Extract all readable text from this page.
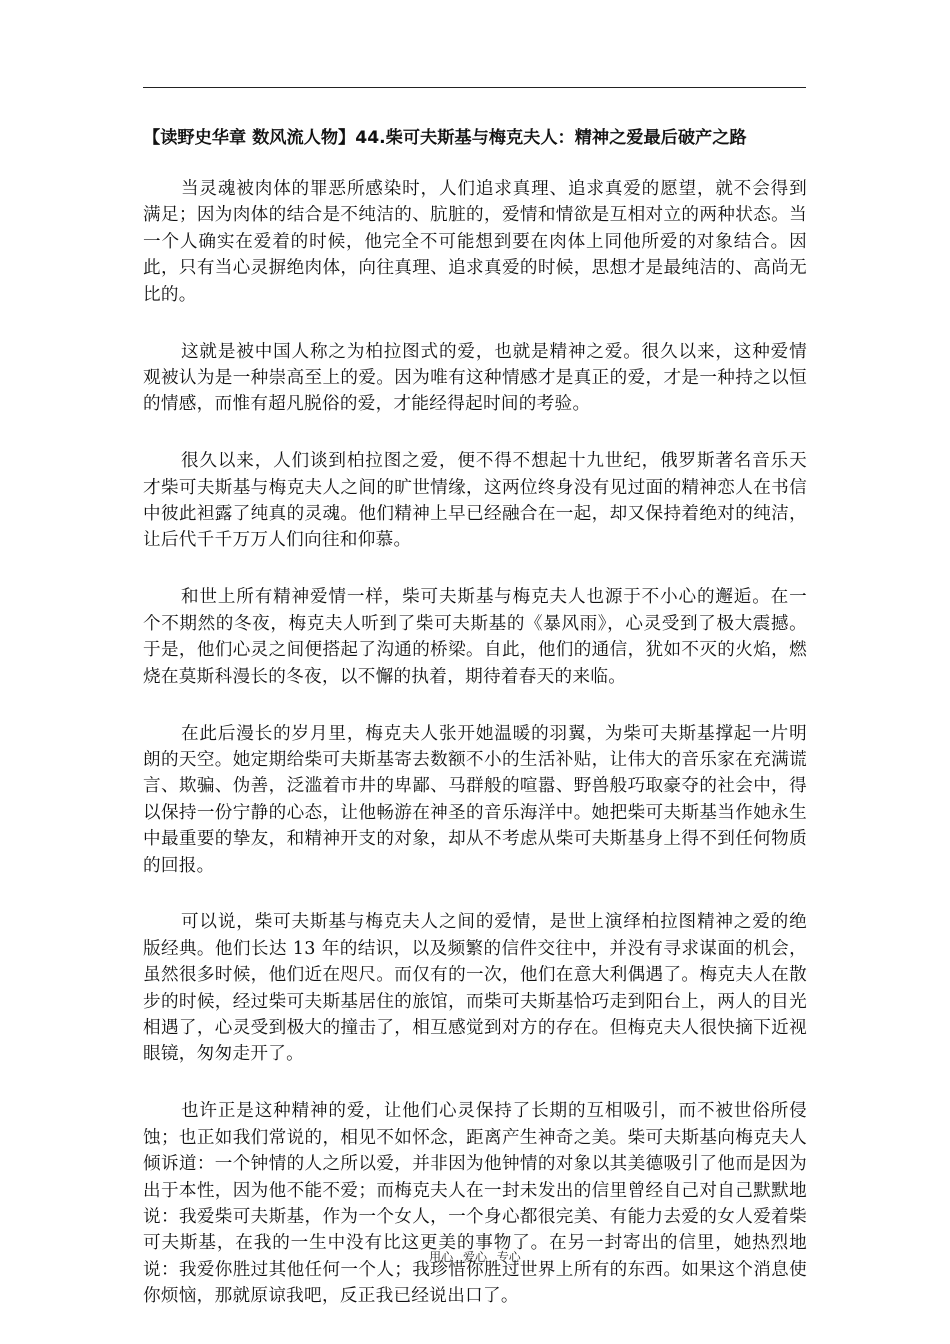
【读野史华章 数风流人物】44.柴可夫斯基与梅克夫人：精神之爱最后破产之路

当灵魂被肉体的罪恶所感染时，人们追求真理、追求真爱的愿望，就不会得到满足；因为肉体的结合是不纯洁的、肮脏的，爱情和情欲是互相对立的两种状态。当一个人确实在爱着的时候，他完全不可能想到要在肉体上同他所爱的对象结合。因此，只有当心灵摒绝肉体，向往真理、追求真爱的时候，思想才是最纯洁的、高尚无比的。

这就是被中国人称之为柏拉图式的爱，也就是精神之爱。很久以来，这种爱情观被认为是一种崇高至上的爱。因为唯有这种情感才是真正的爱，才是一种持之以恒的情感，而惟有超凡脱俗的爱，才能经得起时间的考验。

很久以来，人们谈到柏拉图之爱，便不得不想起十九世纪，俄罗斯著名音乐天才柴可夫斯基与梅克夫人之间的旷世情缘，这两位终身没有见过面的精神恋人在书信中彼此袒露了纯真的灵魂。他们精神上早已经融合在一起，却又保持着绝对的纯洁，让后代千千万万人们向往和仰慕。

和世上所有精神爱情一样，柴可夫斯基与梅克夫人也源于不小心的邂逅。在一个不期然的冬夜，梅克夫人听到了柴可夫斯基的《暴风雨》，心灵受到了极大震撼。于是，他们心灵之间便搭起了沟通的桥梁。自此，他们的通信，犹如不灭的火焰，燃烧在莫斯科漫长的冬夜，以不懈的执着，期待着春天的来临。

在此后漫长的岁月里，梅克夫人张开她温暖的羽翼，为柴可夫斯基撑起一片明朗的天空。她定期给柴可夫斯基寄去数额不小的生活补贴，让伟大的音乐家在充满谎言、欺骗、伪善，泛滥着市井的卑鄙、马群般的喧嚣、野兽般巧取豪夺的社会中，得以保持一份宁静的心态，让他畅游在神圣的音乐海洋中。她把柴可夫斯基当作她永生中最重要的挚友，和精神开支的对象，却从不考虑从柴可夫斯基身上得不到任何物质的回报。

可以说，柴可夫斯基与梅克夫人之间的爱情，是世上演绎柏拉图精神之爱的绝版经典。他们长达 13 年的结识，以及频繁的信件交往中，并没有寻求谋面的机会，虽然很多时候，他们近在咫尺。而仅有的一次，他们在意大利偶遇了。梅克夫人在散步的时候，经过柴可夫斯基居住的旅馆，而柴可夫斯基恰巧走到阳台上，两人的目光相遇了，心灵受到极大的撞击了，相互感觉到对方的存在。但梅克夫人很快摘下近视眼镜，匆匆走开了。

也许正是这种精神的爱，让他们心灵保持了长期的互相吸引，而不被世俗所侵蚀；也正如我们常说的，相见不如怀念，距离产生神奇之美。柴可夫斯基向梅克夫人倾诉道：一个钟情的人之所以爱，并非因为他钟情的对象以其美德吸引了他而是因为出于本性，因为他不能不爱；而梅克夫人在一封未发出的信里曾经自己对自己默默地说：我爱柴可夫斯基，作为一个女人，一个身心都很完美、有能力去爱的女人爱着柴可夫斯基，在我的一生中没有比这更美的事物了。在另一封寄出的信里，她热烈地说：我爱你胜过其他任何一个人；我珍惜你胜过世界上所有的东西。如果这个消息使你烦恼，那就原谅我吧，反正我已经说出口了。

用心 爱心 专心
